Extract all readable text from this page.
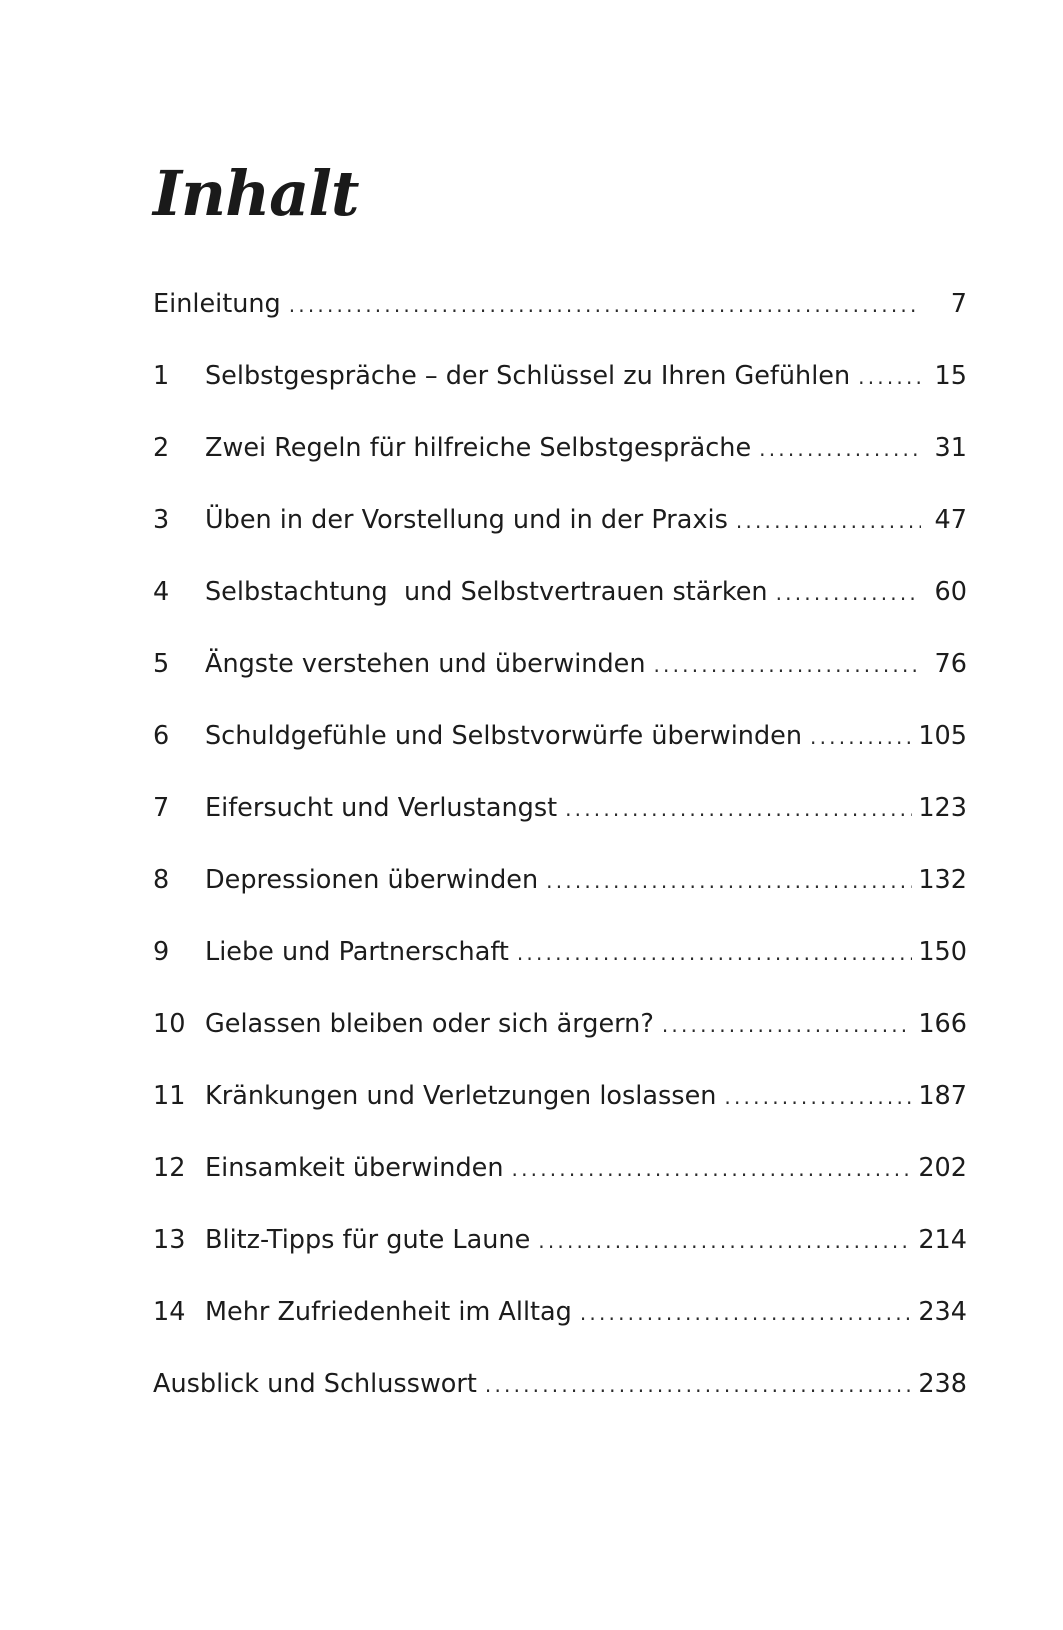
Inhalt
Einleitung .....	7
1	Selbstgespräche – der Schlüssel zu Ihren Gefühlen .....	15
2	Zwei Regeln für hilfreiche Selbstgespräche .....	31
3	Üben in der Vorstellung und in der Praxis .....	47
4	Selbstachtung  und Selbstvertrauen stärken .....	60
5	Ängste verstehen und überwinden .....	76
6	Schuldgefühle und Selbstvorwürfe überwinden .....	105
7	Eifersucht und Verlustangst .....	123
8	Depressionen überwinden .....	132
9	Liebe und Partnerschaft .....	150
10 Gelassen bleiben oder sich ärgern? .....	166
11 Kränkungen und Verletzungen loslassen .....	187
12 Einsamkeit überwinden .....	202
13 Blitz-Tipps für gute Laune .....	214
14 Mehr Zufriedenheit im Alltag .....	234
Ausblick und Schlusswort .....	238
